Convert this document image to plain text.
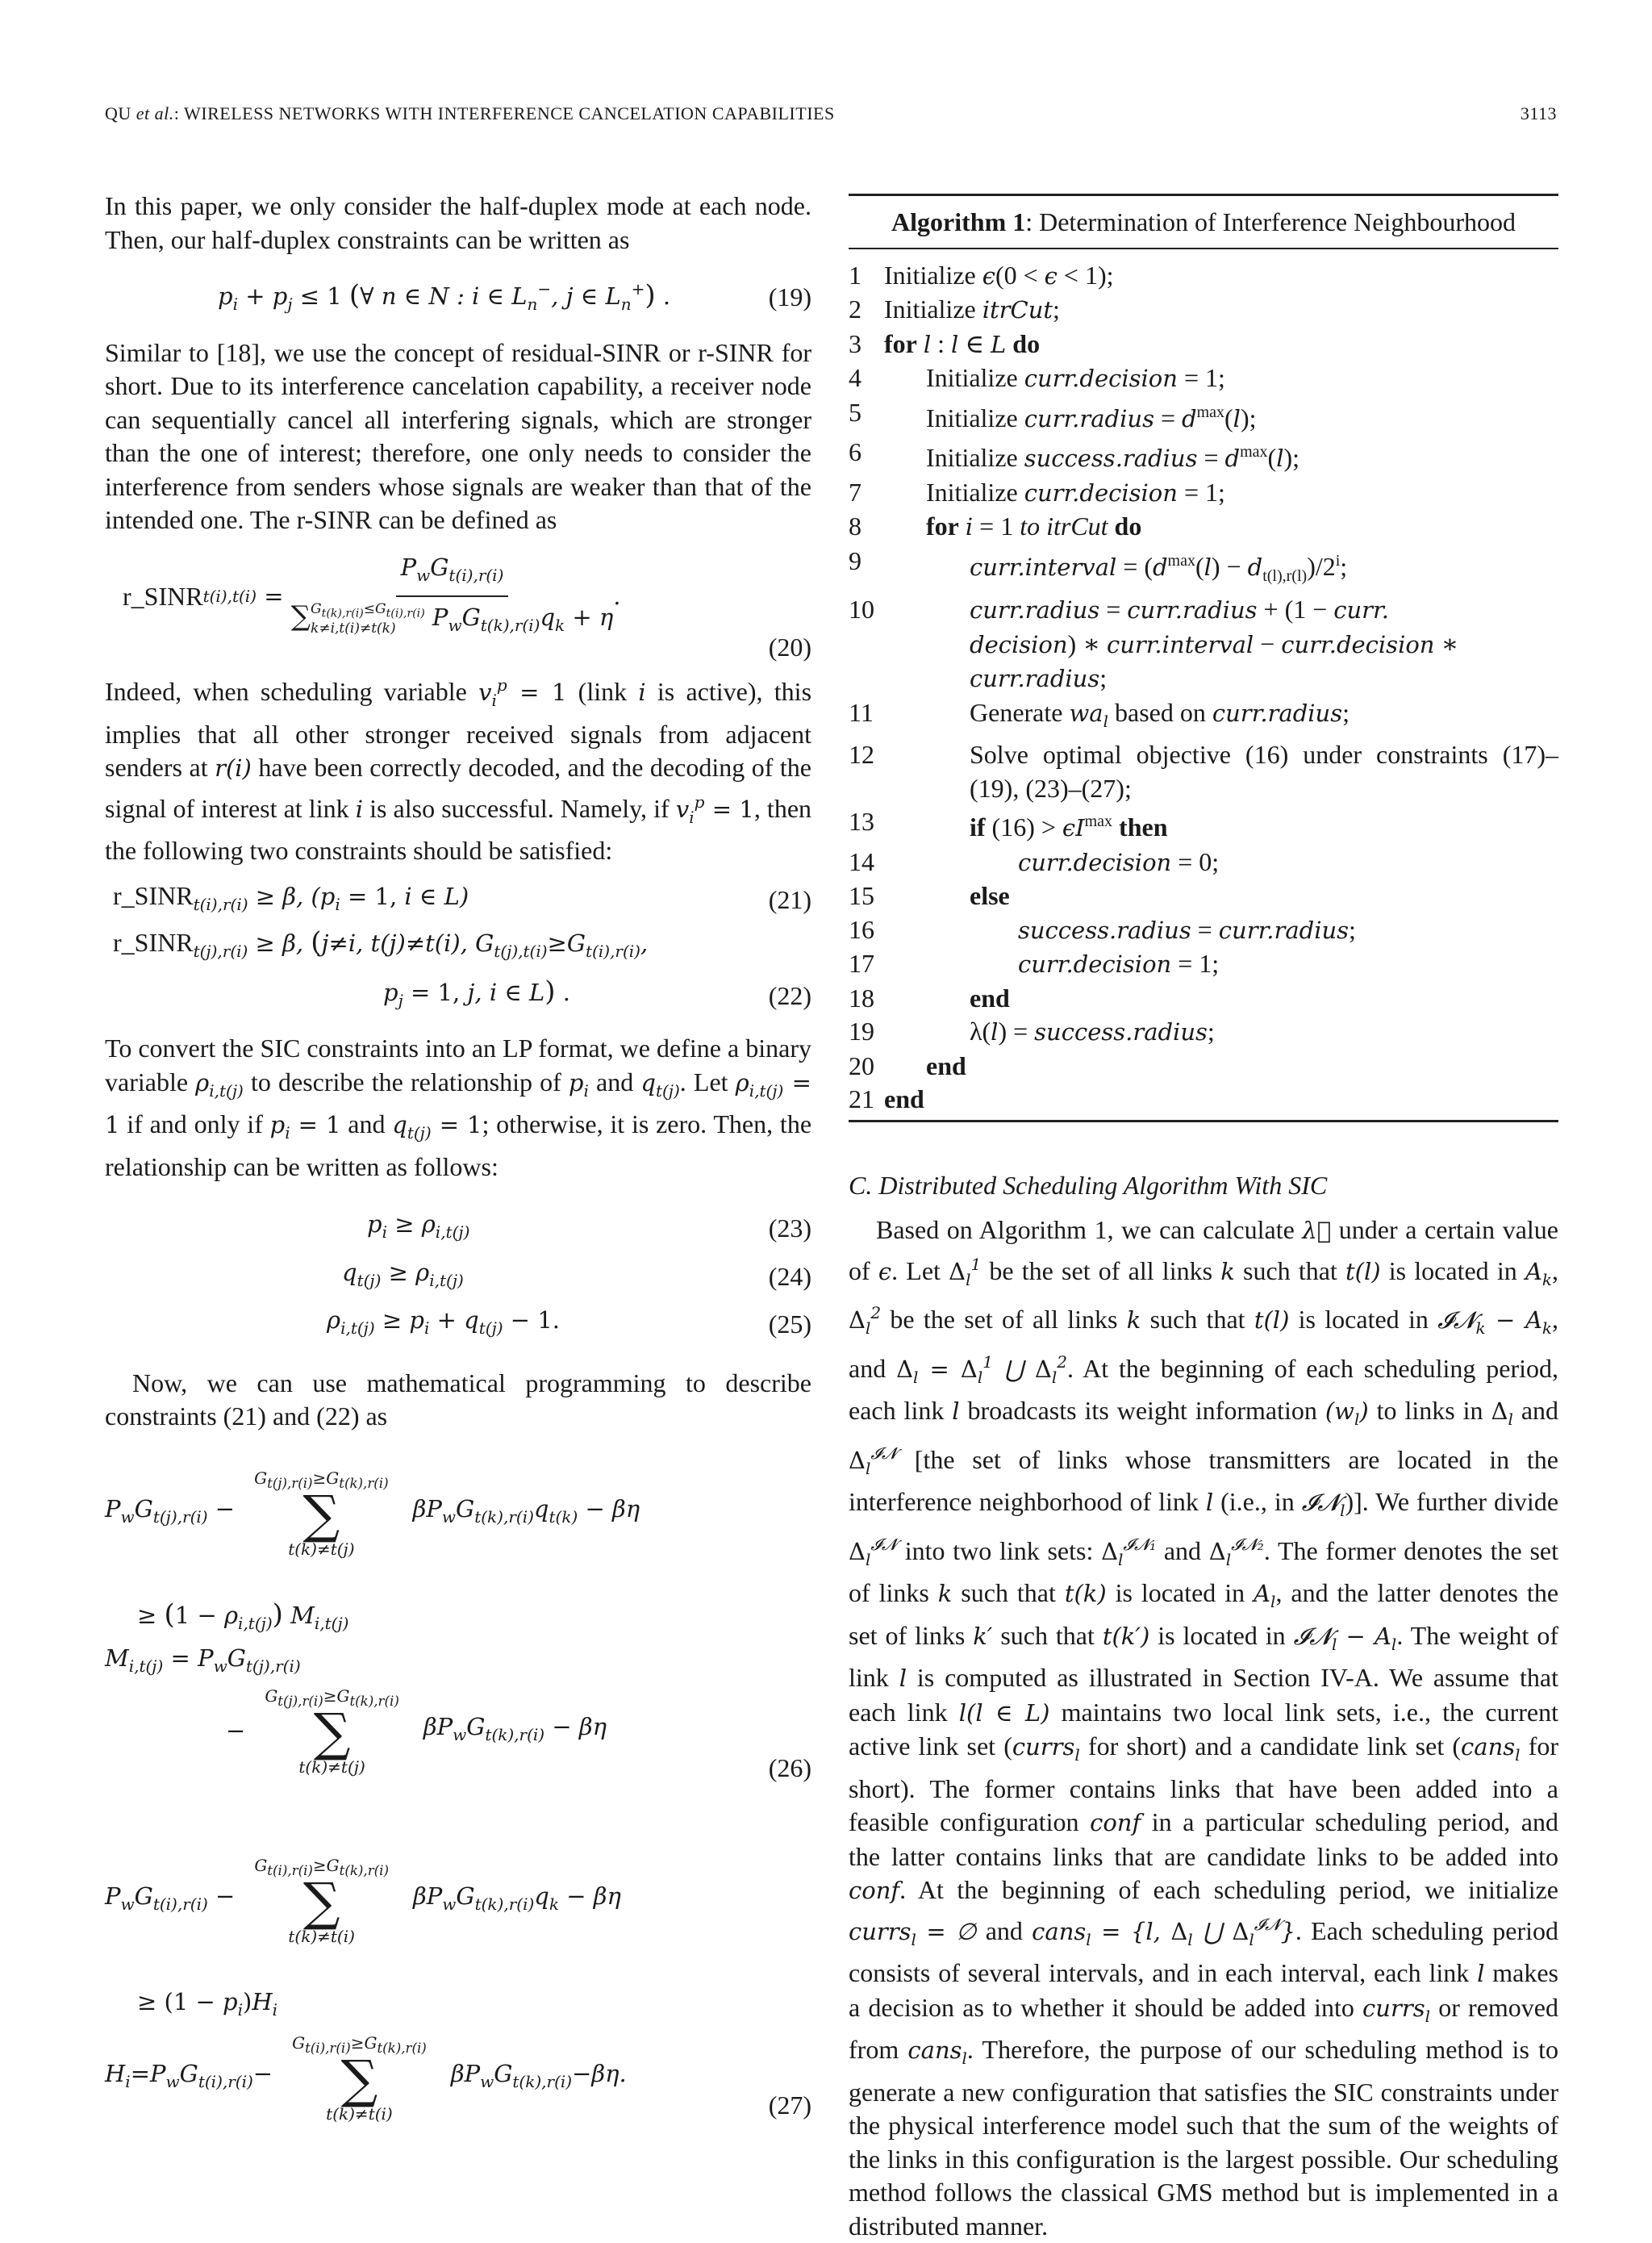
QU et al.: WIRELESS NETWORKS WITH INTERFERENCE CANCELATION CAPABILITIES	3113

In this paper, we only consider the half-duplex mode at each node. Then, our half-duplex constraints can be written as

$p_i + p_j \le 1$ (∀ n ∈ N : i ∈ $L_n^-$, j ∈ $L_n^+$) .	(19)

Similar to [18], we use the concept of residual-SINR or r-SINR for short. Due to its interference cancelation capability, a receiver node can sequentially cancel all interfering signals, which are stronger than the one of interest; therefore, one only needs to consider the interference from senders whose signals are weaker than that of the intended one. The r-SINR can be defined as

r_SINR $t(i),t(i) = P_wG_{t(i),r(i)}$
∑ $G_{t(k),r(i)}\le G_{t(i),r(i)}$
k≠i,t(i)≠t(k)	$P_wG_{t(k),r(i)}q_k + \eta$ .
(20)

Indeed, when scheduling variable $v_i^p = 1$ (link i is active), this implies that all other stronger received signals from adjacent senders at r(i) have been correctly decoded, and the decoding of the signal of interest at link i is also successful. Namely, if $v_i^p = 1$, then the following two constraints should be satisfied:

$r\_SINR_{t(i),r(i)} \ge \beta$, ($p_i = 1$, i ∈ L)	(21)
$r\_SINR_{t(j),r(i)} \ge \beta$, (j≠i, t(j)≠t(i), $G_{t(j),t(i)}\ge G_{t(i),r(i)}$,
$p_j = 1$, j, i ∈ L) .	(22)

To convert the SIC constraints into an LP format, we define a binary variable $\rho_{i,t(j)}$ to describe the relationship of $p_i$ and $q_{t(j)}$. Let $\rho_{i,t(j)} = 1$ if and only if $p_i = 1$ and $q_{t(j)} = 1$; otherwise, it is zero. Then, the relationship can be written as follows:

$p_i \ge \rho_{i,t(j)}$	(23)
$q_{t(j)} \ge \rho_{i,t(j)}$	(24)
$\rho_{i,t(j)} \ge p_i + q_{t(j)} - 1$.	(25)

Now, we can use mathematical programming to describe constraints (21) and (22) as

$P_wG_{t(j),r(i)}$ −
$G_{t(j),r(i)}\ge G_{t(k),r(i)}$
∑
t(k)≠t(j)
$\beta P_wG_{t(k),r(i)}q_{t(k)} - \beta\eta$
≥ $(1 - \rho_{i,t(j)})$ $M_{i,t(j)}$
$M_{i,t(j)} = P_wG_{t(j),r(i)}$
−
$G_{t(j),r(i)}\ge G_{t(k),r(i)}$
∑
t(k)≠t(j)
$\beta P_wG_{t(k),r(i)} - \beta\eta$
(26)
$P_wG_{t(i),r(i)}$ −
$G_{t(i),r(i)}\ge G_{t(k),r(i)}$
∑
t(k)≠t(i)
$\beta P_wG_{t(k),r(i)}q_k - \beta\eta$
≥ $(1 - p_i)H_i$
$H_i=P_wG_{t(i),r(i)}-$
$G_{t(i),r(i)}\ge G_{t(k),r(i)}$
∑
t(k)≠t(i)
$\beta P_wG_{t(k),r(i)}-\beta\eta$.
(27)
Algorithm 1: Determination of Interference Neighbourhood
1 Initialize ϵ(0 < ϵ < 1);
2 Initialize itrCut;
3 for l : l ∈ L do
4	Initialize curr.decision = 1;
5	Initialize curr.radius = $d^{max}(l)$;
6	Initialize success.radius = $d^{max}(l)$;
7	Initialize curr.decision = 1;
8	for i = 1 to itrCut do
9	curr.interval = $(d^{max}(l) - d_{t(l),r(l)})/2^i$;
10	curr.radius = curr.radius + (1 − curr.
decision) ∗ curr.interval − curr.decision ∗
curr.radius;
11	Generate $wa_l$ based on curr.radius;
12	Solve optimal objective (16) under constraints (17)–(19), (23)–(27);
13	if $(16) > \epsilon I^{max}$ then
14	curr.decision = 0;
15	else
16	success.radius = curr.radius;
17	curr.decision = 1;
18	end
19	λ(l) = success.radius;
20	end
21 end
C. Distributed Scheduling Algorithm With SIC

Based on Algorithm 1, we can calculate λ⃗ under a certain value of ϵ. Let $\Delta_l^1$ be the set of all links k such that t(l) is located in $A_k$, $\Delta_l^2$ be the set of all links k such that t(l) is located in 𝓘𝓝$_k$ − $A_k$, and $\Delta_l = \Delta_l^1$ ⋃ $\Delta_l^2$. At the beginning of each scheduling period, each link l broadcasts its weight information $(w_l)$ to links in $\Delta_l$ and $\Delta_l^{𝓘𝓝}$ [the set of links whose transmitters are located in the interference neighborhood of link l (i.e., in 𝓘𝓝$_l$)]. We further divide $\Delta_l^{𝓘𝓝}$ into two link sets: $\Delta_l^{𝓘𝓝_1}$ and $\Delta_l^{𝓘𝓝_2}$. The former denotes the set of links k such that t(k) is located in $A_l$, and the latter denotes the set of links k′ such that t(k′) is located in 𝓘𝓝$_l$ − $A_l$. The weight of link l is computed as illustrated in Section IV-A. We assume that each link l(l ∈ L) maintains two local link sets, i.e., the current active link set (currs$_l$ for short) and a candidate link set (cans$_l$ for short). The former contains links that have been added into a feasible configuration conf in a particular scheduling period, and the latter contains links that are candidate links to be added into conf. At the beginning of each scheduling period, we initialize currs$_l$ = ∅ and cans$_l$ = {l, $\Delta_l$ ⋃ $\Delta_l^{𝓘𝓝}$}. Each scheduling period consists of several intervals, and in each interval, each link l makes a decision as to whether it should be added into currs$_l$ or removed from cans$_l$. Therefore, the purpose of our scheduling method is to generate a new configuration that satisfies the SIC constraints under the physical interference model such that the sum of the weights of the links in this configuration is the largest possible. Our scheduling method follows the classical GMS method but is implemented in a distributed manner.
